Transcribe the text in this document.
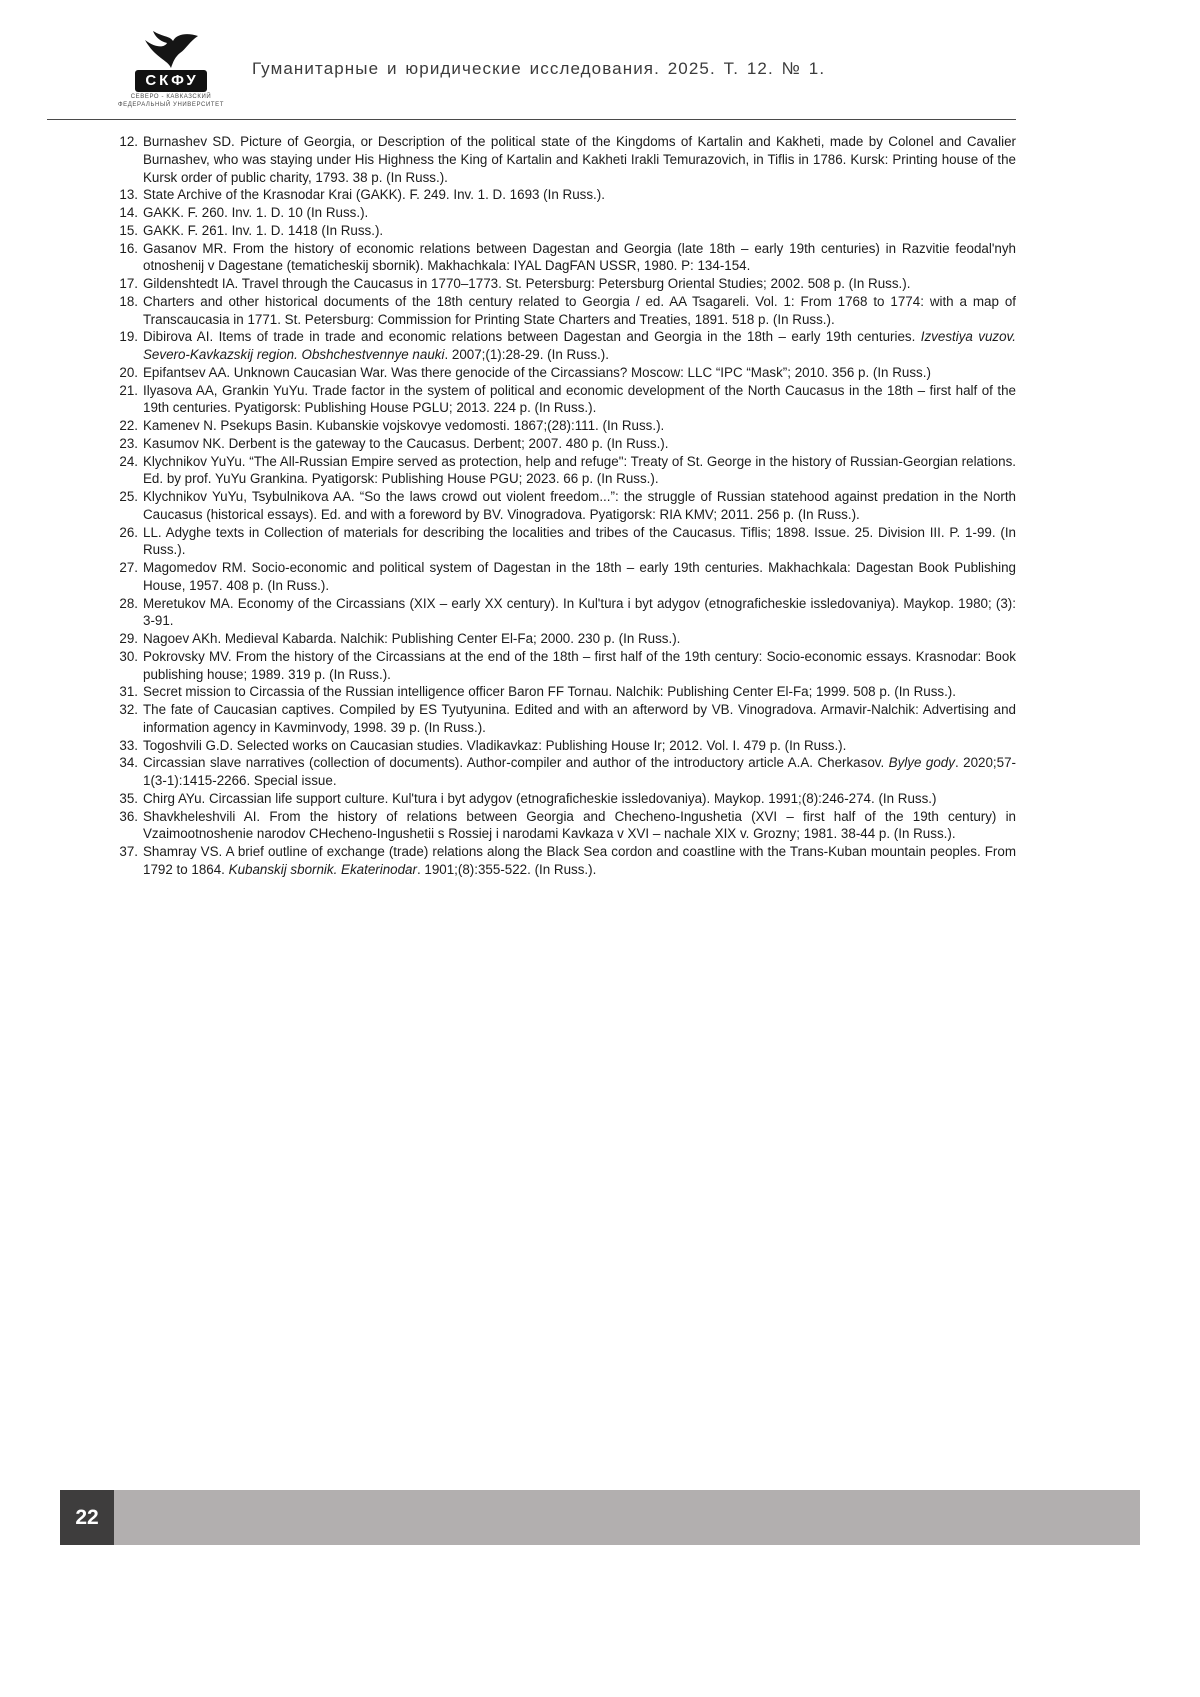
СКФУ
СЕВЕРО - КАВКАЗСКИЙ
ФЕДЕРАЛЬНЫЙ УНИВЕРСИТЕТ
Гуманитарные и юридические исследования. 2025. Т. 12. № 1.
12. Burnashev SD. Picture of Georgia, or Description of the political state of the Kingdoms of Kartalin and Kakheti, made by Colonel and Cavalier Burnashev, who was staying under His Highness the King of Kartalin and Kakheti Irakli Temurazovich, in Tiflis in 1786. Kursk: Printing house of the Kursk order of public charity, 1793. 38 p. (In Russ.).
13. State Archive of the Krasnodar Krai (GAKK). F. 249. Inv. 1. D. 1693 (In Russ.).
14. GAKK. F. 260. Inv. 1. D. 10 (In Russ.).
15. GAKK. F. 261. Inv. 1. D. 1418 (In Russ.).
16. Gasanov MR. From the history of economic relations between Dagestan and Georgia (late 18th – early 19th centuries) in Razvitie feodal'nyh otnoshenij v Dagestane (tematicheskij sbornik). Makhachkala: IYAL DagFAN USSR, 1980. P: 134-154.
17. Gildenshtedt IA. Travel through the Caucasus in 1770–1773. St. Petersburg: Petersburg Oriental Studies; 2002. 508 p. (In Russ.).
18. Charters and other historical documents of the 18th century related to Georgia / ed. AA Tsagareli. Vol. 1: From 1768 to 1774: with a map of Transcaucasia in 1771. St. Petersburg: Commission for Printing State Charters and Treaties, 1891. 518 p. (In Russ.).
19. Dibirova AI. Items of trade in trade and economic relations between Dagestan and Georgia in the 18th – early 19th centuries. Izvestiya vuzov. Severo-Kavkazskij region. Obshchestvennye nauki. 2007;(1):28-29. (In Russ.).
20. Epifantsev AA. Unknown Caucasian War. Was there genocide of the Circassians? Moscow: LLC “IPC “Mask”; 2010. 356 p. (In Russ.)
21. Ilyasova AA, Grankin YuYu. Trade factor in the system of political and economic development of the North Caucasus in the 18th – first half of the 19th centuries. Pyatigorsk: Publishing House PGLU; 2013. 224 p. (In Russ.).
22. Kamenev N. Psekups Basin. Kubanskie vojskovye vedomosti. 1867;(28):111. (In Russ.).
23. Kasumov NK. Derbent is the gateway to the Caucasus. Derbent; 2007. 480 p. (In Russ.).
24. Klychnikov YuYu. “The All-Russian Empire served as protection, help and refuge": Treaty of St. George in the history of Russian-Georgian relations. Ed. by prof. YuYu Grankina. Pyatigorsk: Publishing House PGU; 2023. 66 p. (In Russ.).
25. Klychnikov YuYu, Tsybulnikova AA. “So the laws crowd out violent freedom...”: the struggle of Russian statehood against predation in the North Caucasus (historical essays). Ed. and with a foreword by BV. Vinogradova. Pyatigorsk: RIA KMV; 2011. 256 p. (In Russ.).
26. LL. Adyghe texts in Collection of materials for describing the localities and tribes of the Caucasus. Tiflis; 1898. Issue. 25. Division III. P. 1-99. (In Russ.).
27. Magomedov RM. Socio-economic and political system of Dagestan in the 18th – early 19th centuries. Makhachkala: Dagestan Book Publishing House, 1957. 408 p. (In Russ.).
28. Meretukov MA. Economy of the Circassians (XIX – early XX century). In Kul'tura i byt adygov (etnograficheskie issledovaniya). Maykop. 1980; (3): 3-91.
29. Nagoev AKh. Medieval Kabarda. Nalchik: Publishing Center El-Fa; 2000. 230 p. (In Russ.).
30. Pokrovsky MV. From the history of the Circassians at the end of the 18th – first half of the 19th century: Socio-economic essays. Krasnodar: Book publishing house; 1989. 319 p. (In Russ.).
31. Secret mission to Circassia of the Russian intelligence officer Baron FF Tornau. Nalchik: Publishing Center El-Fa; 1999. 508 p. (In Russ.).
32. The fate of Caucasian captives. Compiled by ES Tyutyunina. Edited and with an afterword by VB. Vinogradova. Armavir-Nalchik: Advertising and information agency in Kavminvody, 1998. 39 p. (In Russ.).
33. Togoshvili G.D. Selected works on Caucasian studies. Vladikavkaz: Publishing House Ir; 2012. Vol. I. 479 p. (In Russ.).
34. Circassian slave narratives (collection of documents). Author-compiler and author of the introductory article A.A. Cherkasov. Bylye gody. 2020;57-1(3-1):1415-2266. Special issue.
35. Chirg AYu. Circassian life support culture. Kul'tura i byt adygov (etnograficheskie issledovaniya). Maykop. 1991;(8):246-274. (In Russ.)
36. Shavkheleshvili AI. From the history of relations between Georgia and Checheno-Ingushetia (XVI – first half of the 19th century) in Vzaimootnoshenie narodov CHecheno-Ingushetii s Rossiej i narodami Kavkaza v XVI – nachale XIX v. Grozny; 1981. 38-44 p. (In Russ.).
37. Shamray VS. A brief outline of exchange (trade) relations along the Black Sea cordon and coastline with the Trans-Kuban mountain peoples. From 1792 to 1864. Kubanskij sbornik. Ekaterinodar. 1901;(8):355-522. (In Russ.).
22
